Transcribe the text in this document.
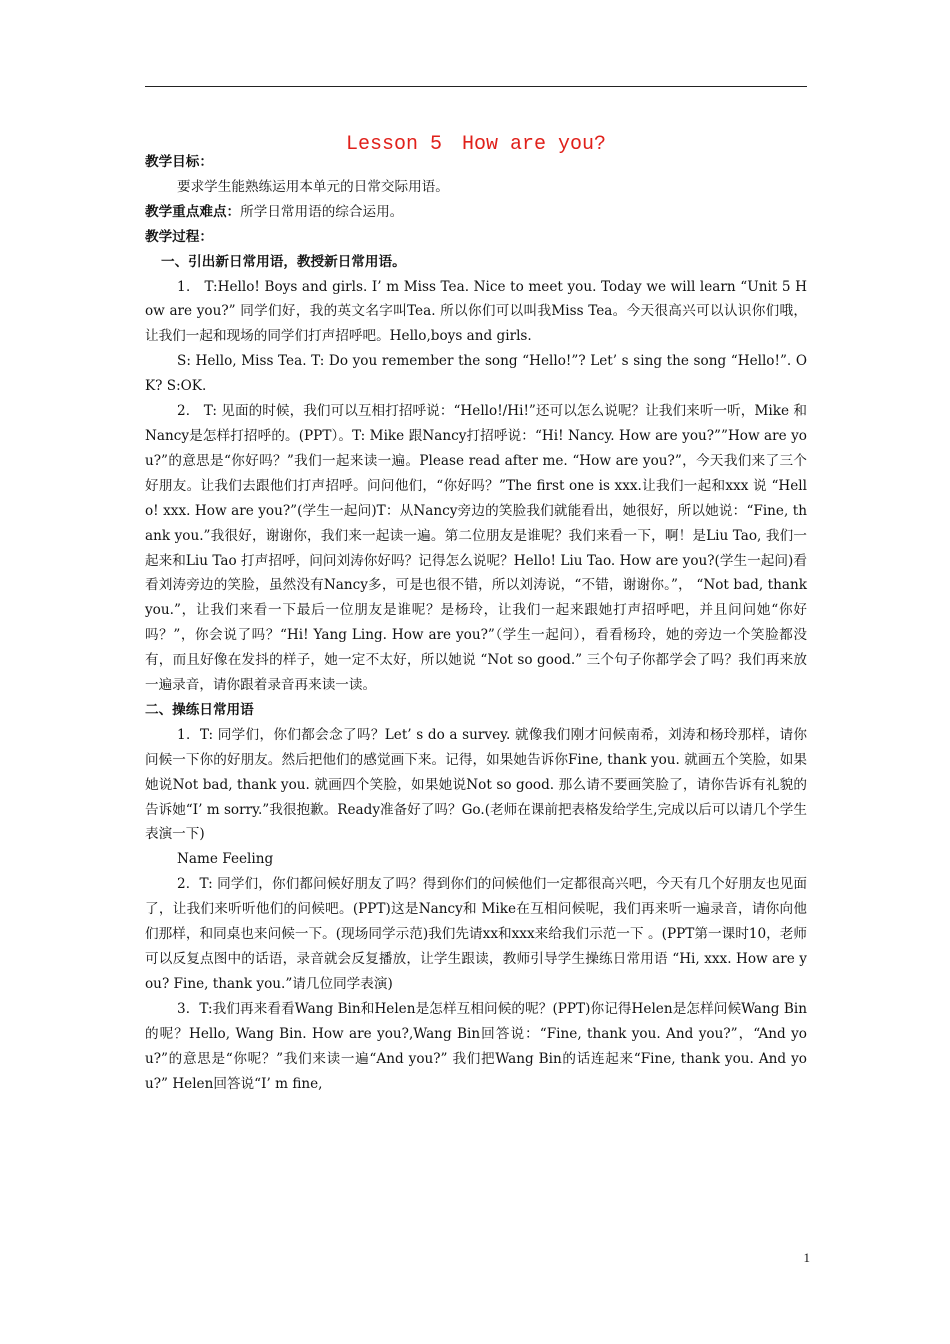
Lesson 5　How are you?

教学目标：

要求学生能熟练运用本单元的日常交际用语。

教学重点难点：所学日常用语的综合运用。

教学过程：

一、引出新日常用语，教授新日常用语。

1． T:Hello! Boys and girls. I’ m Miss Tea. Nice to meet you. Today we will learn “Unit 5 How are you?” 同学们好，我的英文名字叫Tea. 所以你们可以叫我Miss Tea。今天很高兴可以认识你们哦，让我们一起和现场的同学们打声招呼吧。Hello,boys and girls.

S: Hello, Miss Tea. T: Do you remember the song “Hello!”? Let’ s sing the song “Hello!”. OK? S:OK.

2． T: 见面的时候，我们可以互相打招呼说：“Hello!/Hi!”还可以怎么说呢？让我们来听一听，Mike 和Nancy是怎样打招呼的。(PPT）。T: Mike 跟Nancy打招呼说：“Hi! Nancy. How are you?””How are you?”的意思是“你好吗？”我们一起来读一遍。Please read after me. “How are you?”，今天我们来了三个好朋友。让我们去跟他们打声招呼。问问他们，“你好吗？”The first one is xxx.让我们一起和xxx 说 “Hello! xxx. How are you?”(学生一起问)T：从Nancy旁边的笑脸我们就能看出，她很好，所以她说：“Fine, thank you.”我很好，谢谢你，我们来一起读一遍。第二位朋友是谁呢？我们来看一下，啊！是Liu Tao, 我们一起来和Liu Tao 打声招呼，问问刘涛你好吗？记得怎么说呢？Hello! Liu Tao. How are you?(学生一起问)看看刘涛旁边的笑脸，虽然没有Nancy多，可是也很不错，所以刘涛说，“不错，谢谢你。”， “Not bad, thank you.”，让我们来看一下最后一位朋友是谁呢？是杨玲，让我们一起来跟她打声招呼吧，并且问问她“你好吗？”，你会说了吗？“Hi! Yang Ling. How are you?”（学生一起问），看看杨玲，她的旁边一个笑脸都没有，而且好像在发抖的样子，她一定不太好，所以她说 “Not so good.” 三个句子你都学会了吗？我们再来放一遍录音，请你跟着录音再来读一读。

二、操练日常用语

1．T: 同学们，你们都会念了吗？Let’ s do a survey. 就像我们刚才问候南希，刘涛和杨玲那样，请你问候一下你的好朋友。然后把他们的感觉画下来。记得，如果她告诉你Fine, thank you. 就画五个笑脸，如果她说Not bad, thank you. 就画四个笑脸，如果她说Not so good. 那么请不要画笑脸了，请你告诉有礼貌的告诉她“I’ m sorry.”我很抱歉。Ready准备好了吗？Go.(老师在课前把表格发给学生,完成以后可以请几个学生表演一下)

Name Feeling

2．T: 同学们，你们都问候好朋友了吗？得到你们的问候他们一定都很高兴吧，今天有几个好朋友也见面了，让我们来听听他们的问候吧。(PPT)这是Nancy和 Mike在互相问候呢，我们再来听一遍录音，请你向他们那样，和同桌也来问候一下。(现场同学示范)我们先请xx和xxx来给我们示范一下 。(PPT第一课时10，老师可以反复点图中的话语，录音就会反复播放，让学生跟读，教师引导学生操练日常用语 “Hi, xxx. How are you? Fine, thank you.”请几位同学表演)

3．T:我们再来看看Wang Bin和Helen是怎样互相问候的呢？(PPT)你记得Helen是怎样问候Wang Bin的呢？Hello, Wang Bin. How are you?,Wang Bin回答说：“Fine, thank you. And you?”，“And you?”的意思是“你呢？”我们来读一遍“And you?” 我们把Wang Bin的话连起来“Fine, thank you. And you?” Helen回答说“I’ m fine,

1
